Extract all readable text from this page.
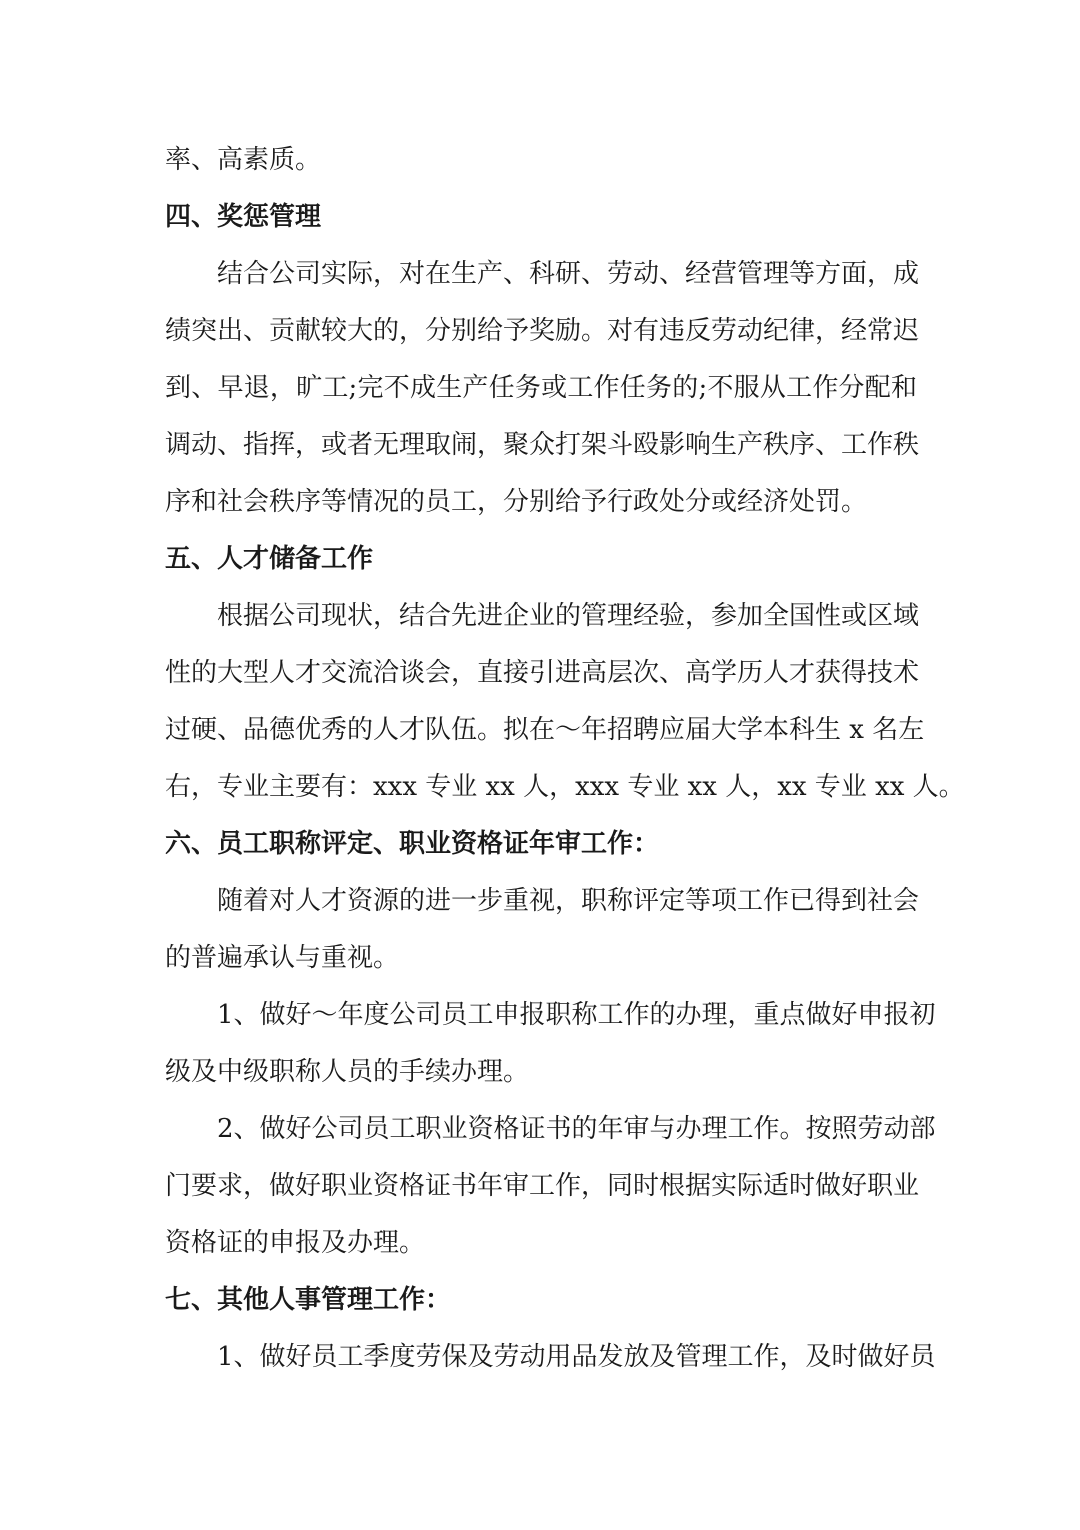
率、高素质。
四、奖惩管理
结合公司实际，对在生产、科研、劳动、经营管理等方面，成
绩突出、贡献较大的，分别给予奖励。对有违反劳动纪律，经常迟
到、早退，旷工;完不成生产任务或工作任务的;不服从工作分配和
调动、指挥，或者无理取闹，聚众打架斗殴影响生产秩序、工作秩
序和社会秩序等情况的员工，分别给予行政处分或经济处罚。
五、人才储备工作
根据公司现状，结合先进企业的管理经验，参加全国性或区域
性的大型人才交流洽谈会，直接引进高层次、高学历人才获得技术
过硬、品德优秀的人才队伍。拟在～年招聘应届大学本科生 x 名左
右，专业主要有：xxx 专业 xx 人，xxx 专业 xx 人，xx 专业 xx 人。
六、员工职称评定、职业资格证年审工作：
随着对人才资源的进一步重视，职称评定等项工作已得到社会
的普遍承认与重视。
1、做好～年度公司员工申报职称工作的办理，重点做好申报初
级及中级职称人员的手续办理。
2、做好公司员工职业资格证书的年审与办理工作。按照劳动部
门要求，做好职业资格证书年审工作，同时根据实际适时做好职业
资格证的申报及办理。
七、其他人事管理工作：
1、做好员工季度劳保及劳动用品发放及管理工作，及时做好员
